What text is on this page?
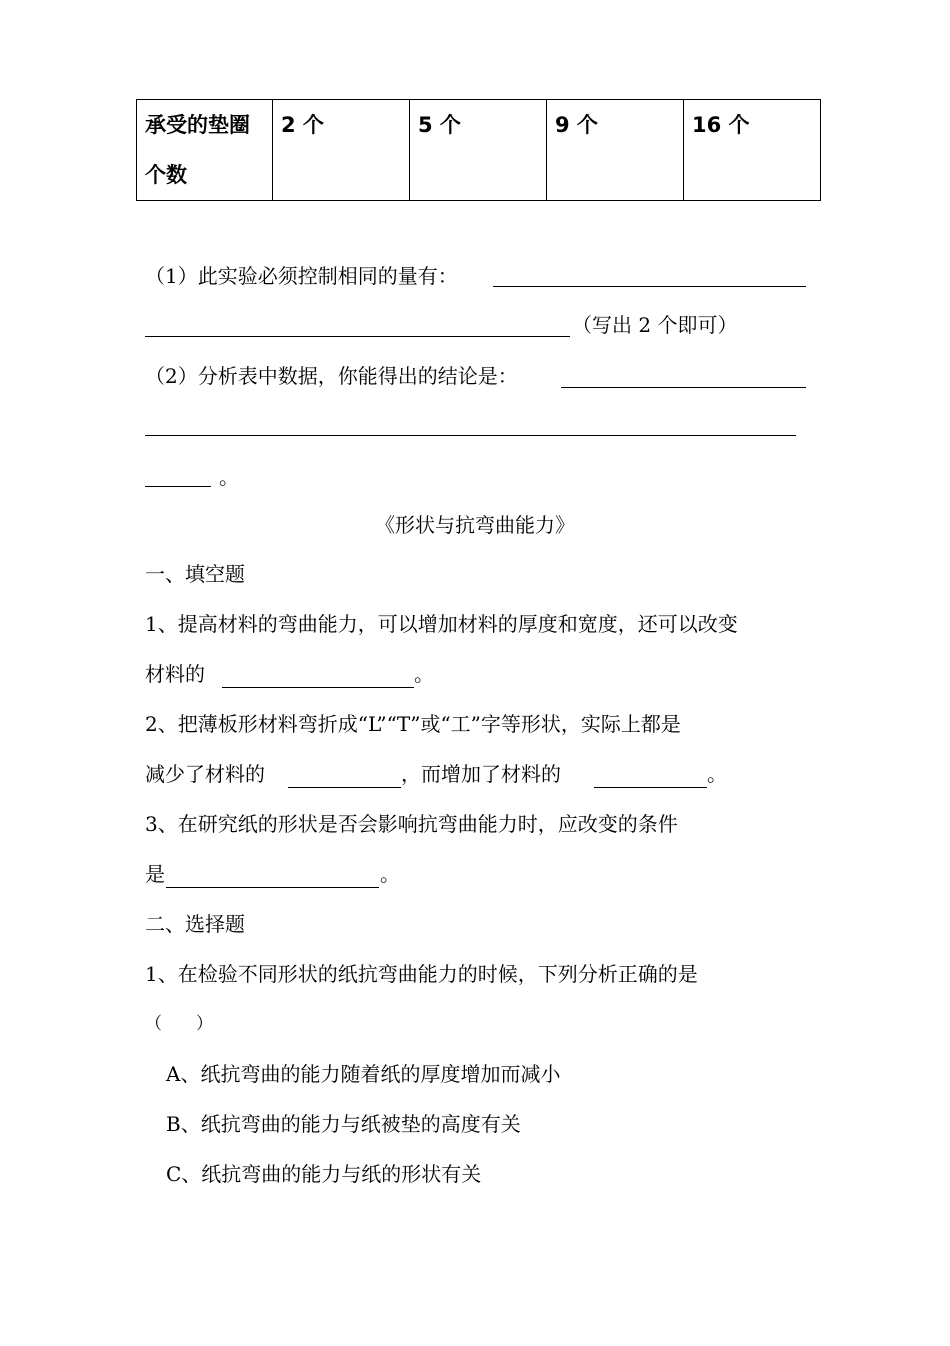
承受的垫圈个数	2 个	5 个	9 个	16 个
（1）此实验必须控制相同的量有：
（写出 2 个即可）
（2）分析表中数据，你能得出的结论是：
。
《形状与抗弯曲能力》
一、填空题
1、提高材料的弯曲能力，可以增加材料的厚度和宽度，还可以改变
材料的	。
2、把薄板形材料弯折成“L”“T”或“工”字等形状，实际上都是
减少了材料的	，而增加了材料的	。
3、在研究纸的形状是否会影响抗弯曲能力时，应改变的条件
是	。
二、选择题
1、在检验不同形状的纸抗弯曲能力的时候，下列分析正确的是
（　　）
A、纸抗弯曲的能力随着纸的厚度增加而减小
B、纸抗弯曲的能力与纸被垫的高度有关
C、纸抗弯曲的能力与纸的形状有关
